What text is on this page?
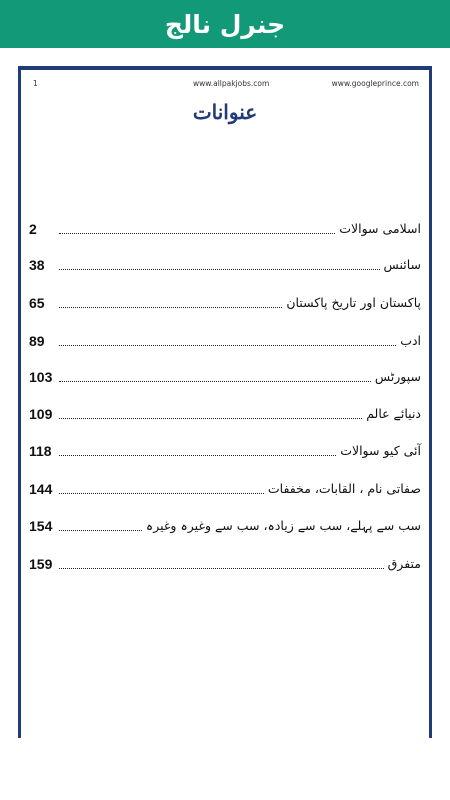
جنرل نالج
1	www.allpakjobs.com	www.googleprince.com
عنوانات
اسلامی سوالات
2
سائنس
38
پاکستان اور تاریخ پاکستان
65
ادب
89
سپورٹس
103
دنیائے عالم
109
آئی کیو سوالات
118
صفاتی نام ، القابات، مخففات
144
سب سے پہلے، سب سے زیادہ، سب سے وغیرہ وغیرہ
154
متفرق
159
